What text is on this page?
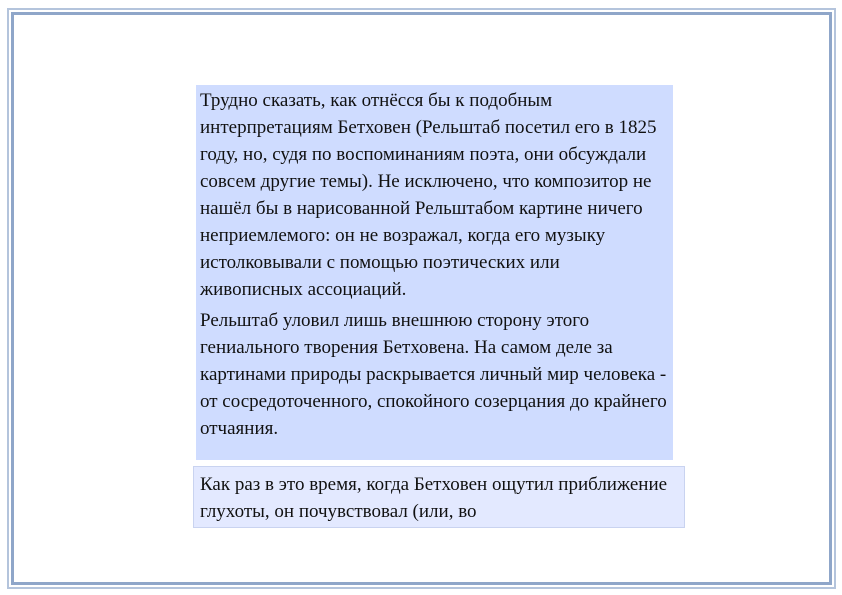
Трудно сказать, как отнёсся бы к подобным интерпретациям Бетховен (Рельштаб посетил его в 1825 году, но, судя по воспоминаниям поэта, они обсуждали совсем другие темы). Не исключено, что композитор не нашёл бы в нарисованной Рельштабом картине ничего неприемлемого: он не возражал, когда его музыку истолковывали с помощью поэтических или живописных ассоциаций.

Рельштаб уловил лишь внешнюю сторону этого гениального творения Бетховена. На самом деле за картинами природы раскрывается личный мир человека - от сосредоточенного, спокойного созерцания до крайнего отчаяния.

Как раз в это время, когда Бетховен ощутил приближение глухоты, он почувствовал (или, во
